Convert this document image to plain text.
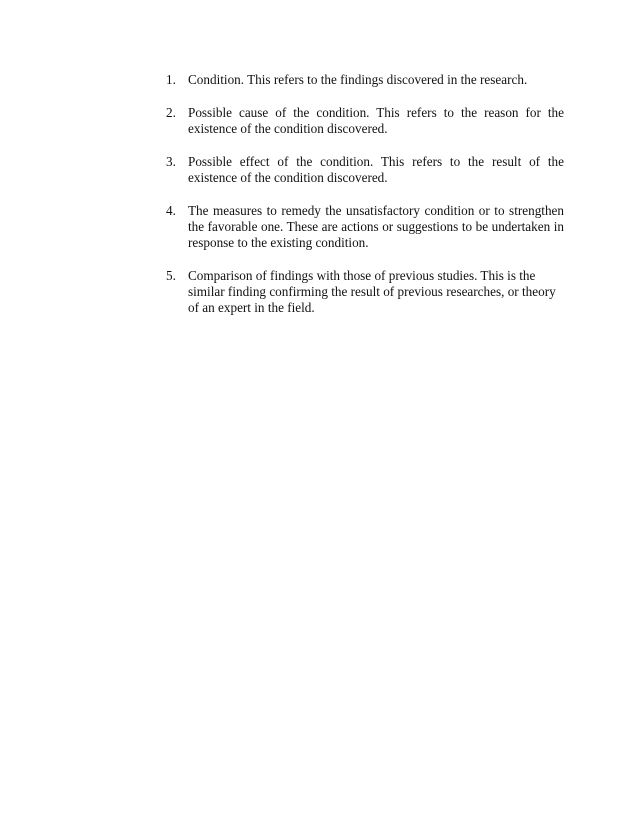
1. Condition. This refers to the findings discovered in the research.
2. Possible cause of the condition. This refers to the reason for the existence of the condition discovered.
3. Possible effect of the condition. This refers to the result of the existence of the condition discovered.
4. The measures to remedy the unsatisfactory condition or to strengthen the favorable one. These are actions or suggestions to be undertaken in response to the existing condition.
5. Comparison of findings with those of previous studies. This is the similar finding confirming the result of previous researches, or theory of an expert in the field.
